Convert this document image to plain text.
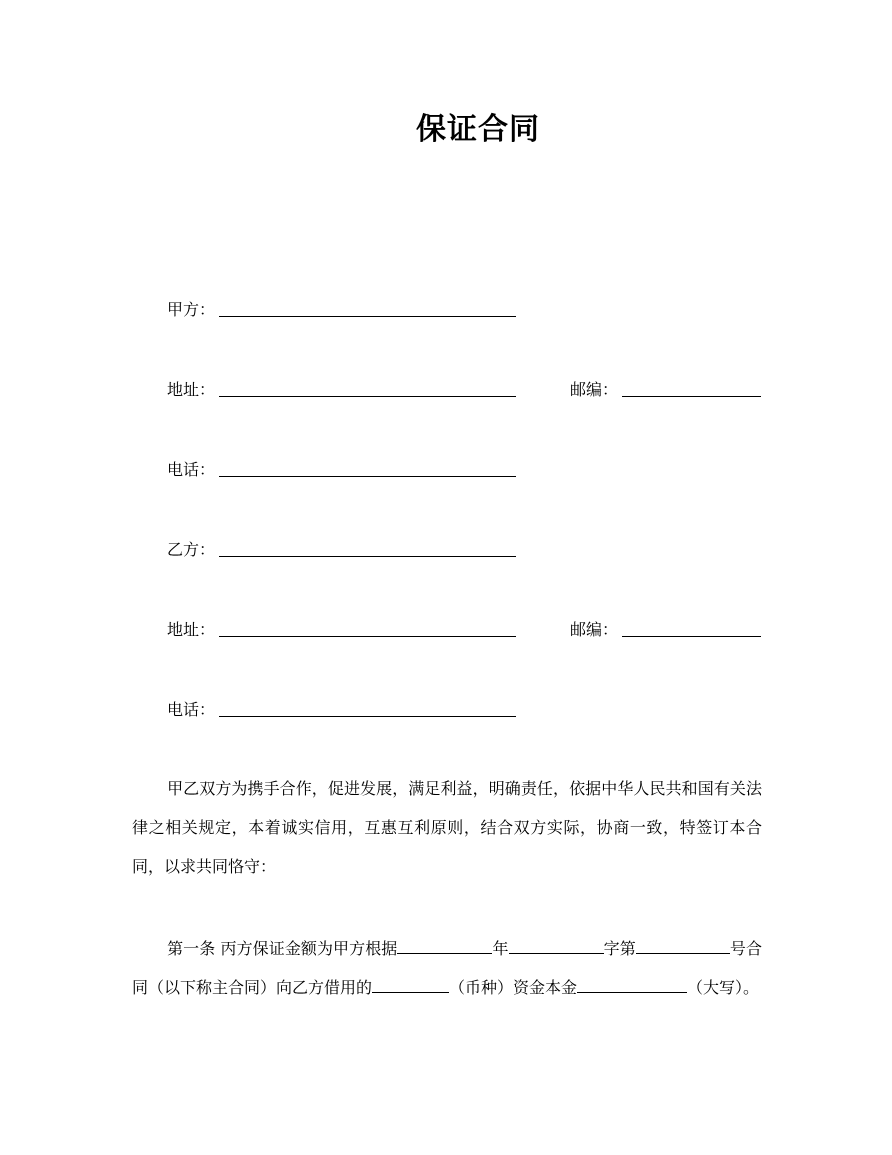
保证合同
甲方：
地址：	邮编：
电话：
乙方：
地址：	邮编：
电话：
甲乙双方为携手合作，促进发展，满足利益，明确责任，依据中华人民共和国有关法律之相关规定，本着诚实信用，互惠互利原则，结合双方实际，协商一致，特签订本合同，以求共同恪守：
第一条 丙方保证金额为甲方根据	年	字第	号合同（以下称主合同）向乙方借用的	（币种）资金本金	（大写）。
